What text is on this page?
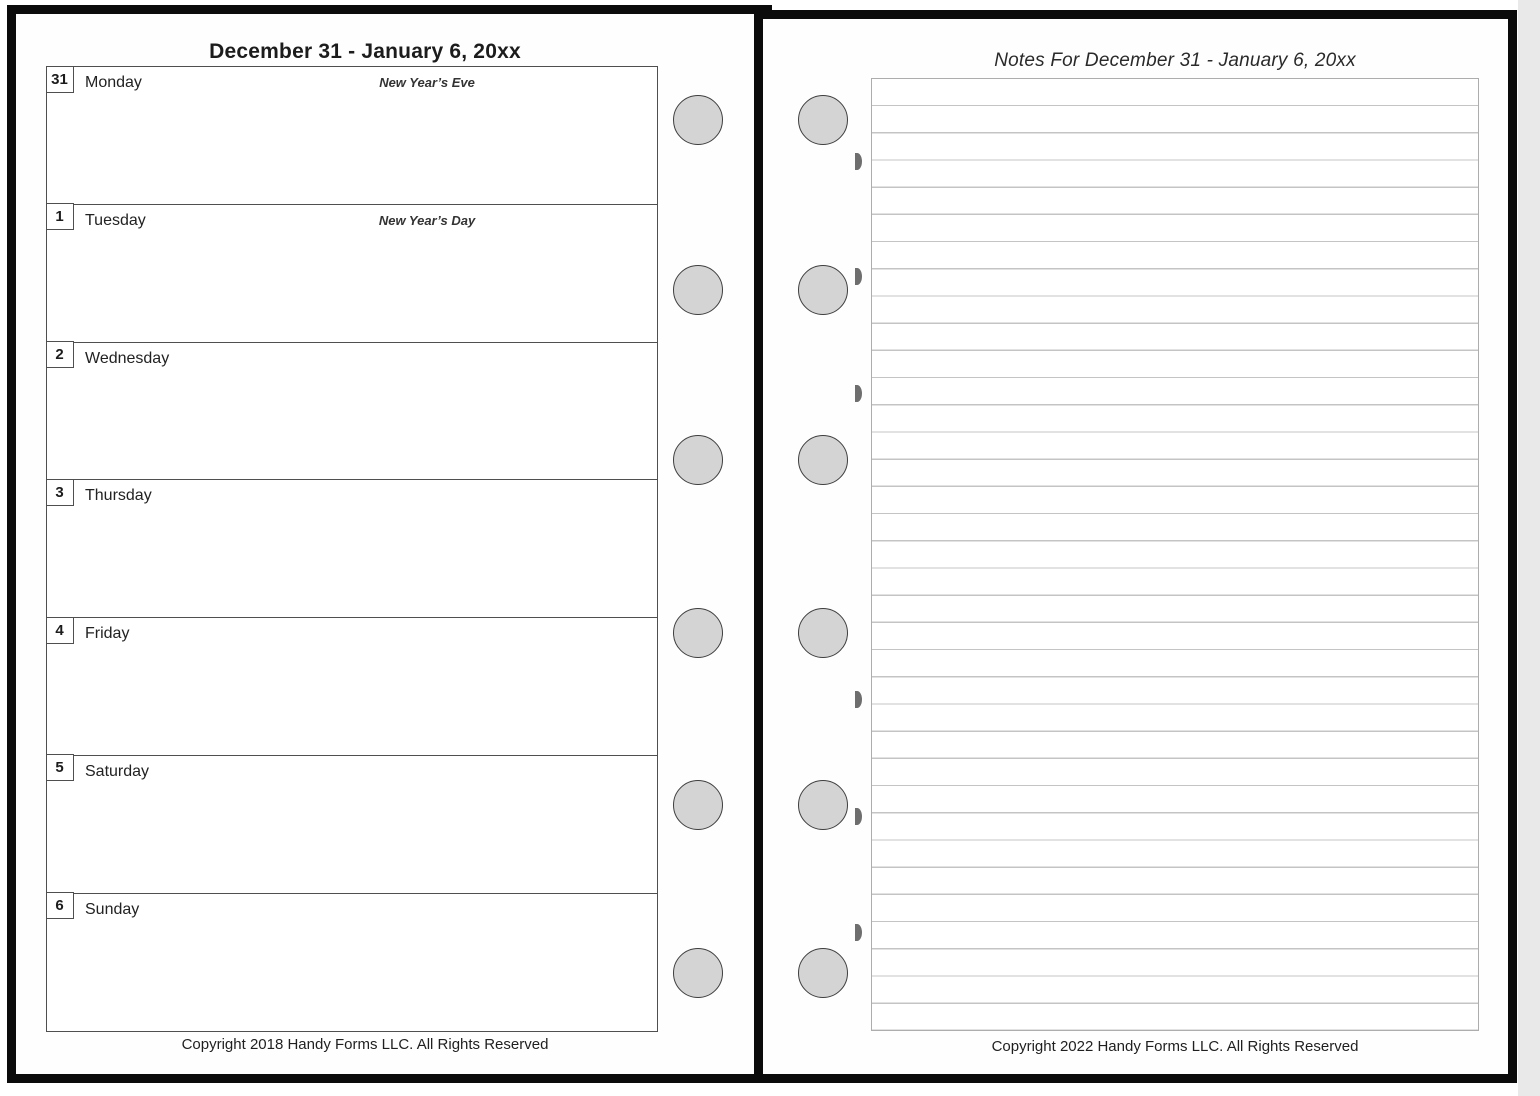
December 31 - January 6, 20xx
31	Monday	New Year’s Eve
1	Tuesday	New Year’s Day
2	Wednesday
3	Thursday
4	Friday
5	Saturday
6	Sunday
Copyright 2018 Handy Forms LLC. All Rights Reserved
Notes For December 31 - January 6, 20xx
Copyright 2022 Handy Forms LLC. All Rights Reserved
